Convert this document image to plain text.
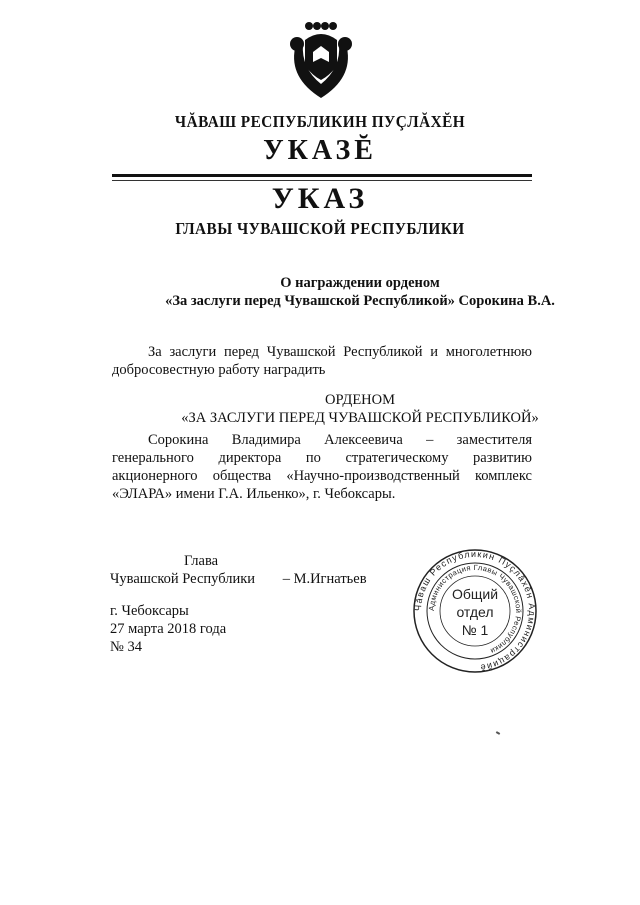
ЧĂВАШ РЕСПУБЛИКИН ПУÇЛĂХĔН
УКАЗĔ
УКАЗ
ГЛАВЫ ЧУВАШСКОЙ РЕСПУБЛИКИ
О награждении орденом
«За заслуги перед Чувашской Республикой» Сорокина В.А.
За заслуги перед Чувашской Республикой и многолетнюю добросовестную работу наградить
ОРДЕНОМ
«ЗА ЗАСЛУГИ ПЕРЕД ЧУВАШСКОЙ РЕСПУБЛИКОЙ»
Сорокина Владимира Алексеевича – заместителя генерального директора по стратегическому развитию акционерного общества «Научно-производственный комплекс «ЭЛАРА» имени Г.А. Ильенко», г. Чебоксары.
Глава
Чувашской Республики – М.Игнатьев
г. Чебоксары
27 марта 2018 года
№ 34
Чăваш Республикин Пуçлăхĕн Администрацийĕ
Администрация Главы Чувашской Республики
Общий
отдел
№ 1
